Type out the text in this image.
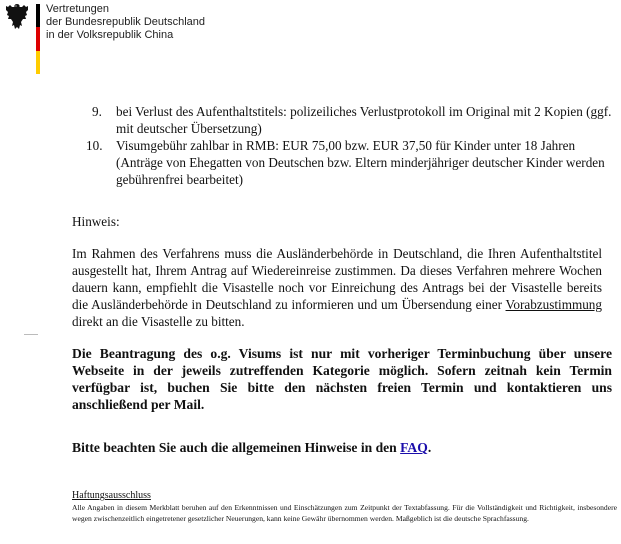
Vertretungen
der Bundesrepublik Deutschland
in der Volksrepublik China
9. bei Verlust des Aufenthaltstitels: polizeiliches Verlustprotokoll im Original mit 2 Kopien (ggf. mit deutscher Übersetzung)
10. Visumgebühr zahlbar in RMB: EUR 75,00 bzw. EUR 37,50 für Kinder unter 18 Jahren (Anträge von Ehegatten von Deutschen bzw. Eltern minderjähriger deutscher Kinder werden gebührenfrei bearbeitet)
Hinweis:
Im Rahmen des Verfahrens muss die Ausländerbehörde in Deutschland, die Ihren Aufenthaltstitel ausgestellt hat, Ihrem Antrag auf Wiedereinreise zustimmen. Da dieses Verfahren mehrere Wochen dauern kann, empfiehlt die Visastelle noch vor Einreichung des Antrags bei der Visastelle bereits die Ausländerbehörde in Deutschland zu informieren und um Übersendung einer Vorabzustimmung direkt an die Visastelle zu bitten.
Die Beantragung des o.g. Visums ist nur mit vorheriger Terminbuchung über unsere Webseite in der jeweils zutreffenden Kategorie möglich. Sofern zeitnah kein Termin verfügbar ist, buchen Sie bitte den nächsten freien Termin und kontaktieren uns anschließend per Mail.
Bitte beachten Sie auch die allgemeinen Hinweise in den FAQ.
Haftungsausschluss
Alle Angaben in diesem Merkblatt beruhen auf den Erkenntnissen und Einschätzungen zum Zeitpunkt der Textabfassung. Für die Vollständigkeit und Richtigkeit, insbesondere wegen zwischenzeitlich eingetretener gesetzlicher Neuerungen, kann keine Gewähr übernommen werden. Maßgeblich ist die deutsche Sprachfassung.
